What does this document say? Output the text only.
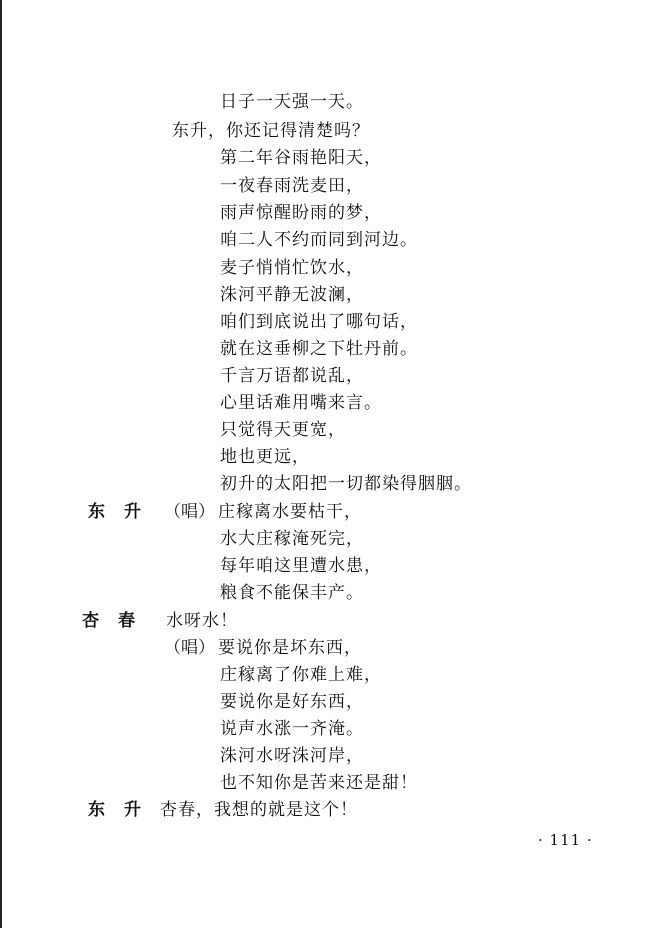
日子一天强一天。
东升，你还记得清楚吗？
第二年谷雨艳阳天，
一夜春雨洗麦田，
雨声惊醒盼雨的梦，
咱二人不约而同到河边。
麦子悄悄忙饮水，
洙河平静无波澜，
咱们到底说出了哪句话，
就在这垂柳之下牡丹前。
千言万语都说乱，
心里话难用嘴来言。
只觉得天更宽，
地也更远，
初升的太阳把一切都染得胭胭。
东　升 （唱） 庄稼离水要枯干，
水大庄稼淹死完，
每年咱这里遭水患，
粮食不能保丰产。
杏　春 水呀水！
（唱） 要说你是坏东西，
庄稼离了你难上难，
要说你是好东西，
说声水涨一齐淹。
洙河水呀洙河岸，
也不知你是苦来还是甜！
东　升 杏春，我想的就是这个！
· 111 ·
